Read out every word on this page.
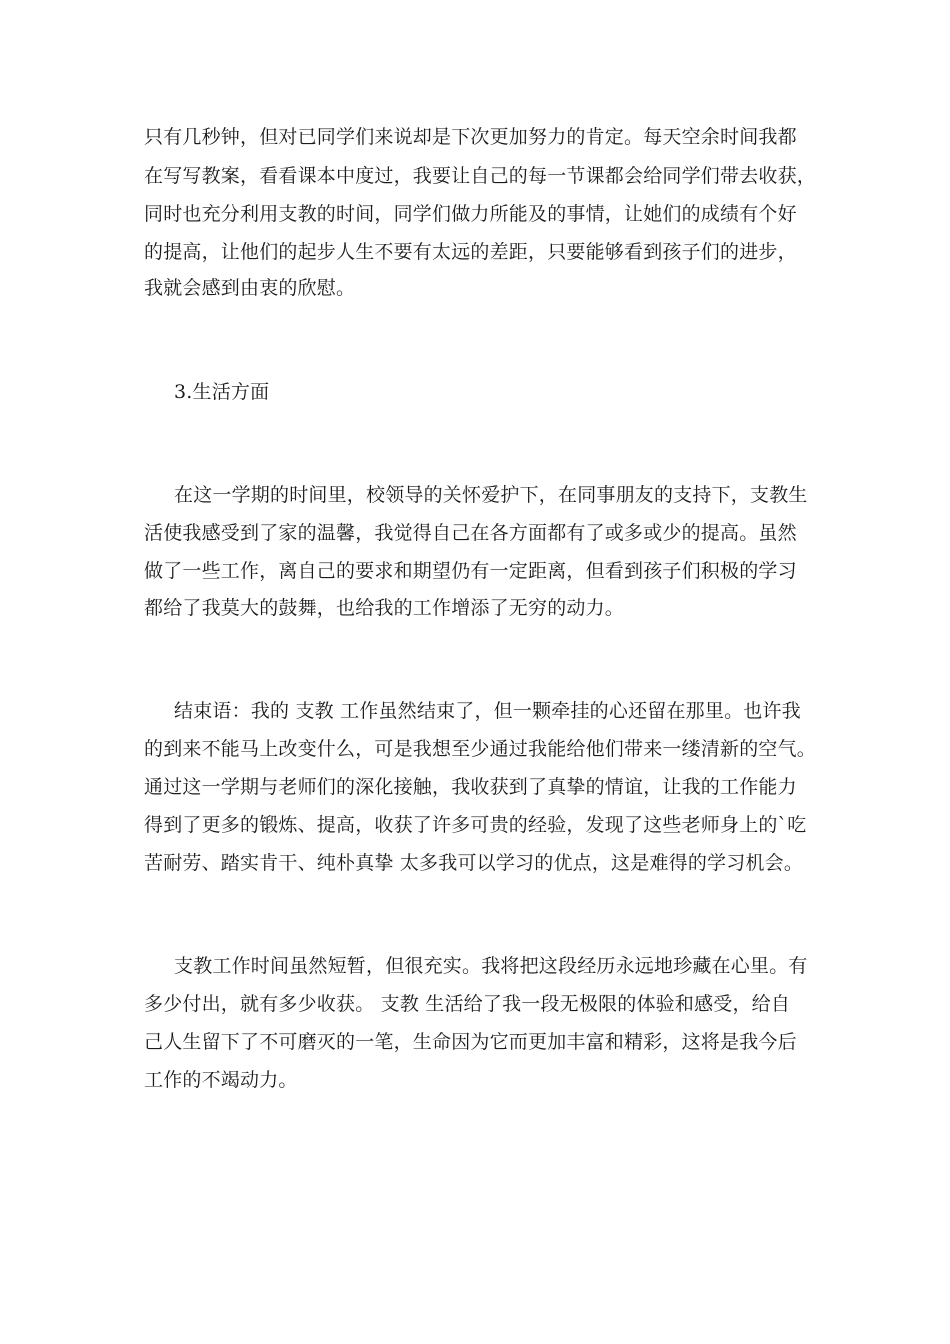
只有几秒钟，但对已同学们来说却是下次更加努力的肯定。每天空余时间我都
在写写教案，看看课本中度过，我要让自己的每一节课都会给同学们带去收获，
同时也充分利用支教的时间，同学们做力所能及的事情，让她们的成绩有个好
的提高，让他们的起步人生不要有太远的差距，只要能够看到孩子们的进步，
我就会感到由衷的欣慰。
3.生活方面
在这一学期的时间里，校领导的关怀爱护下，在同事朋友的支持下，支教生
活使我感受到了家的温馨，我觉得自己在各方面都有了或多或少的提高。虽然
做了一些工作，离自己的要求和期望仍有一定距离，但看到孩子们积极的学习
都给了我莫大的鼓舞，也给我的工作增添了无穷的动力。
结束语：我的 支教 工作虽然结束了，但一颗牵挂的心还留在那里。也许我
的到来不能马上改变什么，可是我想至少通过我能给他们带来一缕清新的空气。
通过这一学期与老师们的深化接触，我收获到了真挚的情谊，让我的工作能力
得到了更多的锻炼、提高，收获了许多可贵的经验，发现了这些老师身上的`吃
苦耐劳、踏实肯干、纯朴真挚 太多我可以学习的优点，这是难得的学习机会。
支教工作时间虽然短暂，但很充实。我将把这段经历永远地珍藏在心里。有
多少付出，就有多少收获。 支教 生活给了我一段无极限的体验和感受，给自
己人生留下了不可磨灭的一笔，生命因为它而更加丰富和精彩，这将是我今后
工作的不竭动力。
